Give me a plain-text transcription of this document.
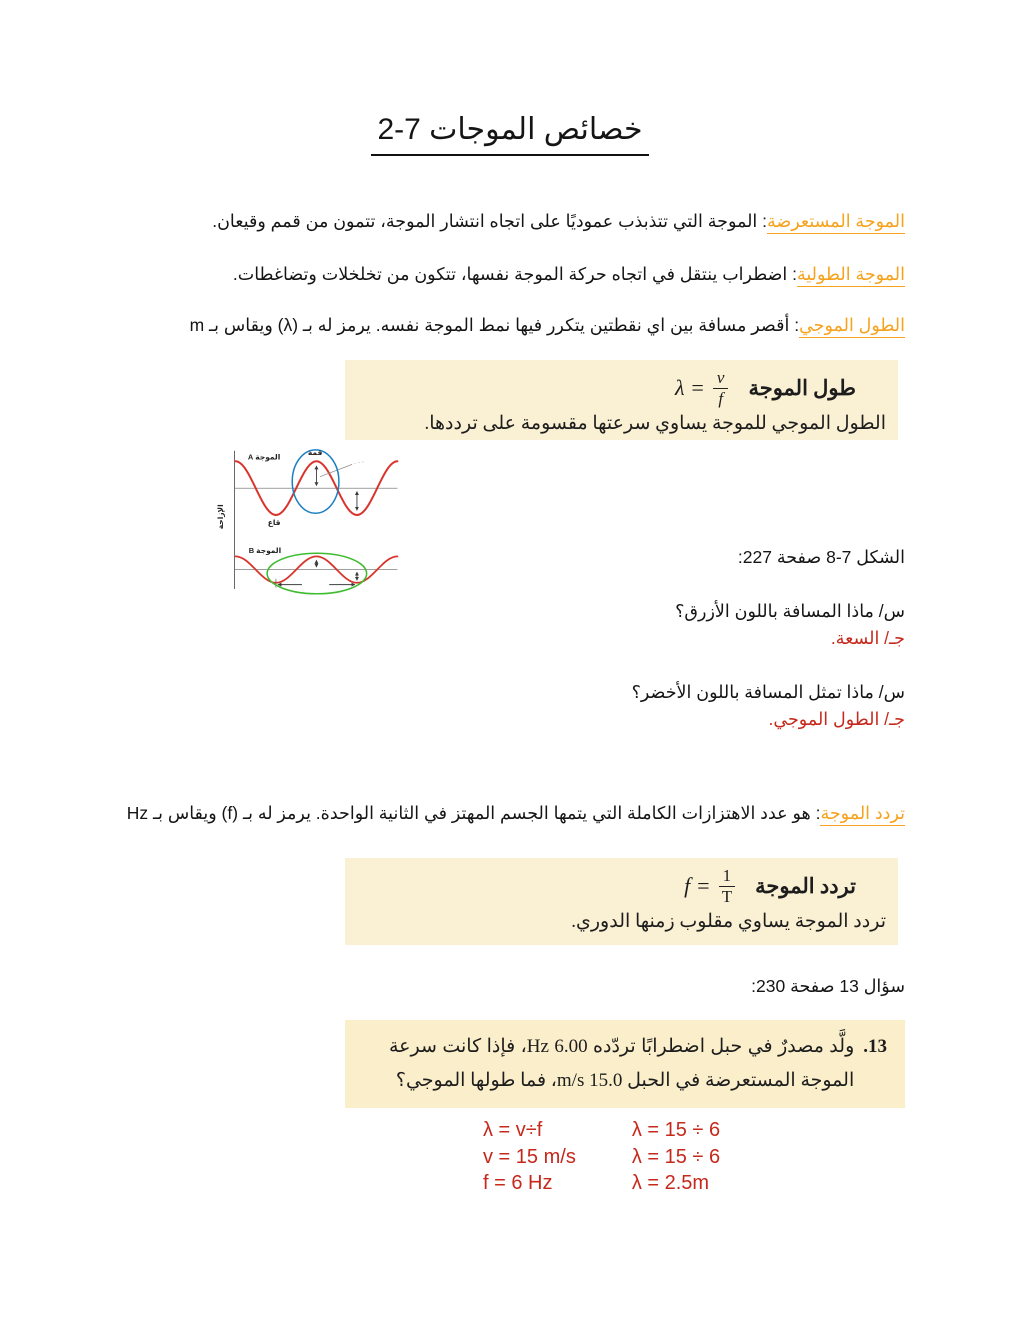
خصائص الموجات 7-2

الموجة المستعرضة: الموجة التي تتذبذب عموديًا على اتجاه انتشار الموجة، تتمون من قمم وقيعان.

الموجة الطولية: اضطراب ينتقل في اتجاه حركة الموجة نفسها، تتكون من تخلخلات وتضاغطات.

الطول الموجي: أقصر مسافة بين اي نقطتين يتكرر فيها نمط الموجة نفسه. يرمز له بـ (λ) ويقاس بـ m

طول الموجة
$\lambda = \frac{v}{f}$
الطول الموجي للموجة يساوي سرعتها مقسومة على ترددها.
الموجة A قمة
قاع
الموجة B
الإزاحة
الشكل 7-8 صفحة 227:
س/ ماذا المسافة باللون الأزرق؟
جـ/ السعة.
س/ ماذا تمثل المسافة باللون الأخضر؟
جـ/ الطول الموجي.

تردد الموجة: هو عدد الاهتزازات الكاملة التي يتمها الجسم المهتز في الثانية الواحدة. يرمز له بـ (f) ويقاس بـ Hz

تردد الموجة
$f = \frac{1}{T}$
تردد الموجة يساوي مقلوب زمنها الدوري.
سؤال 13 صفحة 230:
13.
ولَّد مصدرٌ في حبل اضطرابًا تردّده 6.00 Hz، فإذا كانت سرعة الموجة المستعرضة في الحبل 15.0 m/s، فما طولها الموجي؟
λ = v÷f
v = 15 m/s
f = 6 Hz
λ = 15 ÷ 6
λ = 15 ÷ 6
λ = 2.5m
